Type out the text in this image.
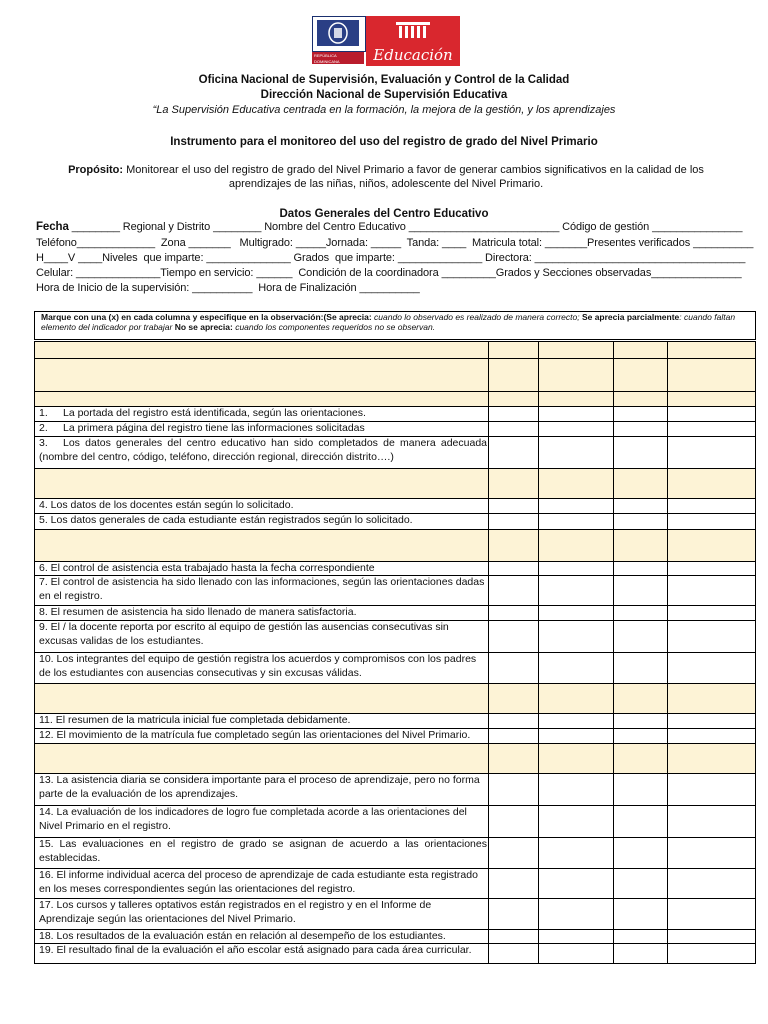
REPÚBLICA DOMINICANA	Educación
Oficina Nacional de Supervisión, Evaluación y Control de la Calidad
Dirección Nacional de Supervisión Educativa
“La Supervisión Educativa centrada en la formación, la mejora de la gestión, y los aprendizajes
Instrumento para el monitoreo del uso del registro de grado del Nivel Primario
Propósito: Monitorear el uso del registro de grado del Nivel Primario a favor de generar cambios significativos en la calidad de los aprendizajes de las niñas, niños, adolescente del Nivel Primario.
Datos Generales del Centro Educativo
Fecha ________ Regional y Distrito ________ Nombre del Centro Educativo _________________________ Código de gestión _______________
Teléfono_____________  Zona _______   Multigrado: _____Jornada: _____  Tanda: ____  Matricula total: _______Presentes verificados __________
H____V ____Niveles  que imparte: ______________ Grados  que imparte: ______________ Directora: ___________________________________
Celular: ______________Tiempo en servicio: ______  Condición de la coordinadora _________Grados y Secciones observadas_______________
Hora de Inicio de la supervisión: __________  Hora de Finalización __________
Marque con una (x) en cada columna y especifique en la observación:(Se aprecia: cuando lo observado es realizado de manera correcto; Se aprecia parcialmente: cuando faltan elemento del indicador por trabajar No se aprecia: cuando los componentes requeridos no se observan.
1. La portada del registro está identificada, según las orientaciones.
2. La primera página del registro tiene las informaciones solicitadas
3. Los datos generales del centro educativo han sido completados de manera adecuada (nombre del centro, código, teléfono, dirección regional, dirección distrito….)
4. Los datos de los docentes están según lo solicitado.
5. Los datos generales de cada estudiante están registrados según lo solicitado.
6. El control de asistencia esta trabajado hasta la fecha correspondiente
7. El control de asistencia ha sido llenado con las informaciones, según las orientaciones dadas en el registro.
8. El resumen de asistencia ha sido llenado de manera satisfactoria.
9. El / la docente reporta por escrito al equipo de gestión las ausencias consecutivas sin excusas validas de los estudiantes.
10. Los integrantes del equipo de gestión registra los acuerdos y compromisos con los padres de los estudiantes con ausencias consecutivas y sin excusas válidas.
11. El resumen de la matricula inicial fue completada debidamente.
12. El movimiento de la matrícula fue completado según las orientaciones del Nivel Primario.
13. La asistencia diaria se considera importante para el proceso de aprendizaje, pero no forma parte de la evaluación de los aprendizajes.
14. La evaluación de los indicadores de logro fue completada acorde a las orientaciones del Nivel Primario en el registro.
15. Las evaluaciones en el registro de grado se asignan de acuerdo a las orientaciones establecidas.
16. El informe individual acerca del proceso de aprendizaje de cada estudiante esta registrado en los meses correspondientes según las orientaciones del registro.
17. Los cursos y talleres optativos están registrados en el registro y en el Informe de Aprendizaje según las orientaciones del Nivel Primario.
18. Los resultados de la evaluación están en relación al desempeño de los estudiantes.
19. El resultado final de la evaluación el año escolar está asignado para cada área curricular.
